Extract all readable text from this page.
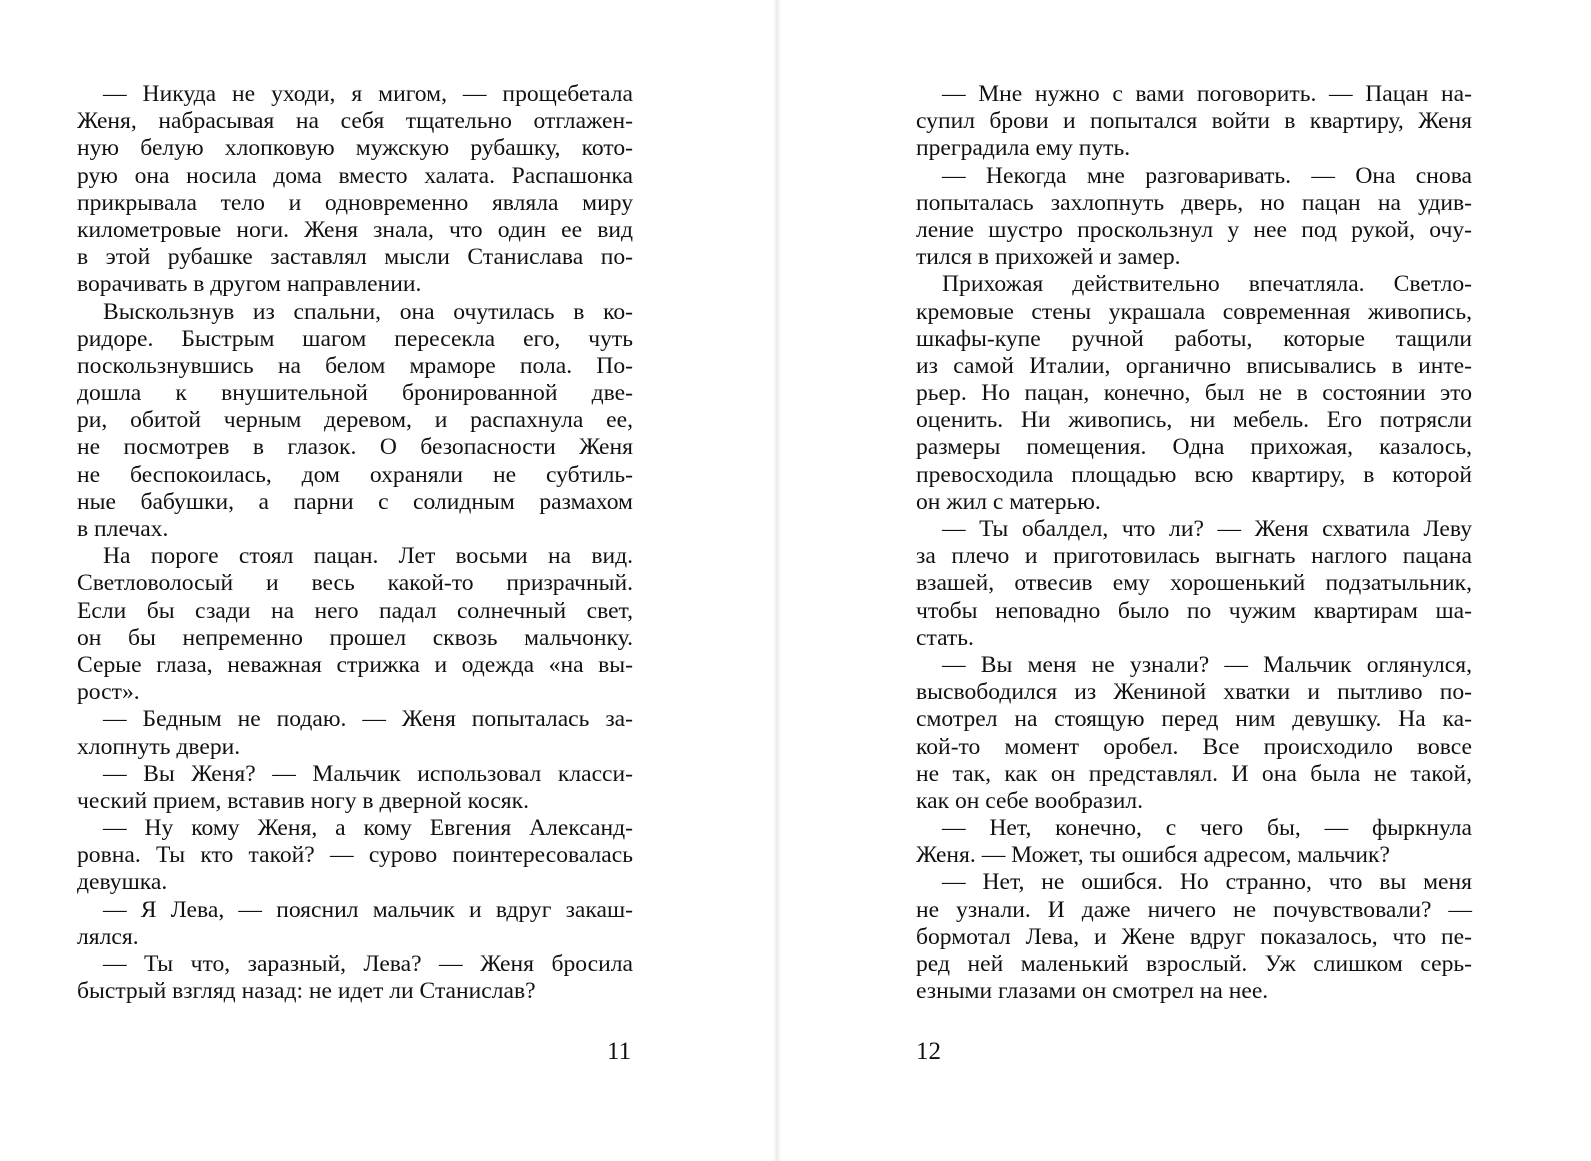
— Никуда не уходи, я мигом, — прощебетала
Женя, набрасывая на себя тщательно отглажен-
ную белую хлопковую мужскую рубашку, кото-
рую она носила дома вместо халата. Распашонка
прикрывала тело и одновременно являла миру
километровые ноги. Женя знала, что один ее вид
в этой рубашке заставлял мысли Станислава по-
ворачивать в другом направлении.
Выскользнув из спальни, она очутилась в ко-
ридоре. Быстрым шагом пересекла его, чуть
поскользнувшись на белом мраморе пола. По-
дошла к внушительной бронированной две-
ри, обитой черным деревом, и распахнула ее,
не посмотрев в глазок. О безопасности Женя
не беспокоилась, дом охраняли не субтиль-
ные бабушки, а парни с солидным размахом
в плечах.
На пороге стоял пацан. Лет восьми на вид.
Светловолосый и весь какой-то призрачный.
Если бы сзади на него падал солнечный свет,
он бы непременно прошел сквозь мальчонку.
Серые глаза, неважная стрижка и одежда «на вы-
рост».
— Бедным не подаю. — Женя попыталась за-
хлопнуть двери.
— Вы Женя? — Мальчик использовал класси-
ческий прием, вставив ногу в дверной косяк.
— Ну кому Женя, а кому Евгения Александ-
ровна. Ты кто такой? — сурово поинтересовалась
девушка.
— Я Лева, — пояснил мальчик и вдруг закаш-
лялся.
— Ты что, заразный, Лева? — Женя бросила
быстрый взгляд назад: не идет ли Станислав?
11
— Мне нужно с вами поговорить. — Пацан на-
супил брови и попытался войти в квартиру, Женя
преградила ему путь.
— Некогда мне разговаривать. — Она снова
попыталась захлопнуть дверь, но пацан на удив-
ление шустро проскользнул у нее под рукой, очу-
тился в прихожей и замер.
Прихожая действительно впечатляла. Светло-
кремовые стены украшала современная живопись,
шкафы-купе ручной работы, которые тащили
из самой Италии, органично вписывались в инте-
рьер. Но пацан, конечно, был не в состоянии это
оценить. Ни живопись, ни мебель. Его потрясли
размеры помещения. Одна прихожая, казалось,
превосходила площадью всю квартиру, в которой
он жил с матерью.
— Ты обалдел, что ли? — Женя схватила Леву
за плечо и приготовилась выгнать наглого пацана
взашей, отвесив ему хорошенький подзатыльник,
чтобы неповадно было по чужим квартирам ша-
стать.
— Вы меня не узнали? — Мальчик оглянулся,
высвободился из Жениной хватки и пытливо по-
смотрел на стоящую перед ним девушку. На ка-
кой-то момент оробел. Все происходило вовсе
не так, как он представлял. И она была не такой,
как он себе вообразил.
— Нет, конечно, с чего бы, — фыркнула
Женя. — Может, ты ошибся адресом, мальчик?
— Нет, не ошибся. Но странно, что вы меня
не узнали. И даже ничего не почувствовали? —
бормотал Лева, и Жене вдруг показалось, что пе-
ред ней маленький взрослый. Уж слишком серь-
езными глазами он смотрел на нее.
12
